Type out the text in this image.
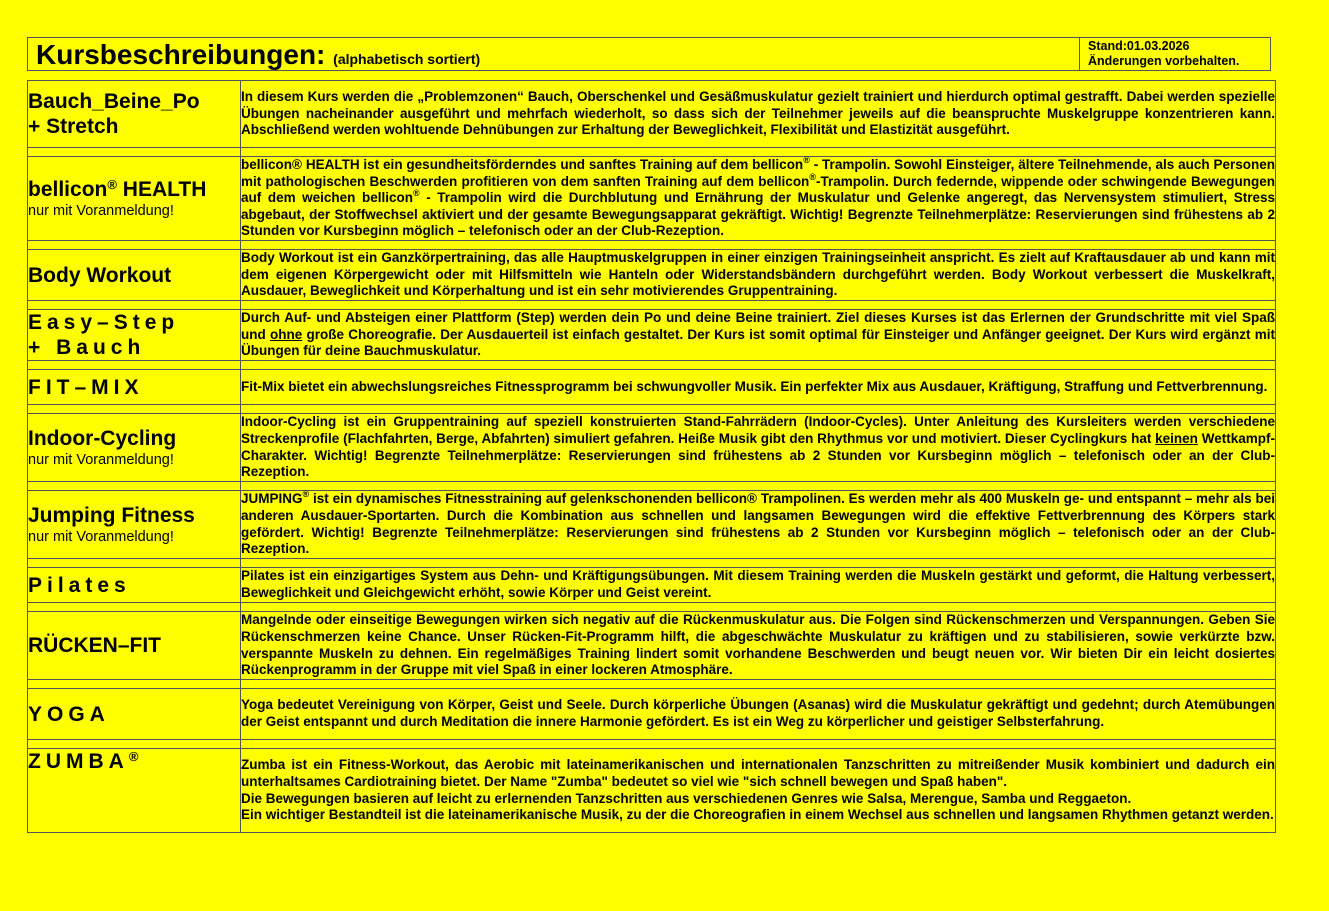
Kursbeschreibungen: (alphabetisch sortiert)
Stand:01.03.2026
Änderungen vorbehalten.
Bauch_Beine_Po
+ Stretch	In diesem Kurs werden die „Problemzonen“ Bauch, Oberschenkel und Gesäßmuskulatur gezielt trainiert und hierdurch optimal gestrafft. Dabei werden spezielle Übungen nacheinander ausgeführt und mehrfach wiederholt, so dass sich der Teilnehmer jeweils auf die beanspruchte Muskelgruppe konzentrieren kann. Abschließend werden wohltuende Dehnübungen zur Erhaltung der Beweglichkeit, Flexibilität und Elastizität ausgeführt.

bellicon® HEALTH
nur mit Voranmeldung!	bellicon® HEALTH ist ein gesundheitsförderndes und sanftes Training auf dem bellicon® - Trampolin. Sowohl Einsteiger, ältere Teilnehmende, als auch Personen mit pathologischen Beschwerden profitieren von dem sanften Training auf dem bellicon®-Trampolin. Durch federnde, wippende oder schwingende Bewegungen auf dem weichen bellicon® - Trampolin wird die Durchblutung und Ernährung der Muskulatur und Gelenke angeregt, das Nervensystem stimuliert, Stress abgebaut, der Stoffwechsel aktiviert und der gesamte Bewegungsapparat gekräftigt. Wichtig! Begrenzte Teilnehmerplätze: Reservierungen sind frühestens ab 2 Stunden vor Kursbeginn möglich – telefonisch oder an der Club-Rezeption.

Body Workout	Body Workout ist ein Ganzkörpertraining, das alle Hauptmuskelgruppen in einer einzigen Trainingseinheit anspricht. Es zielt auf Kraftausdauer ab und kann mit dem eigenen Körpergewicht oder mit Hilfsmitteln wie Hanteln oder Widerstandsbändern durchgeführt werden. Body Workout verbessert die Muskelkraft, Ausdauer, Beweglichkeit und Körperhaltung und ist ein sehr motivierendes Gruppentraining.

Easy–Step
+ Bauch	Durch Auf- und Absteigen einer Plattform (Step) werden dein Po und deine Beine trainiert. Ziel dieses Kurses ist das Erlernen der Grundschritte mit viel Spaß und ohne große Choreografie. Der Ausdauerteil ist einfach gestaltet. Der Kurs ist somit optimal für Einsteiger und Anfänger geeignet. Der Kurs wird ergänzt mit Übungen für deine Bauchmuskulatur.

FIT–MIX	Fit-Mix bietet ein abwechslungsreiches Fitnessprogramm bei schwungvoller Musik. Ein perfekter Mix aus Ausdauer, Kräftigung, Straffung und Fettverbrennung.

Indoor-Cycling
nur mit Voranmeldung!	Indoor-Cycling ist ein Gruppentraining auf speziell konstruierten Stand-Fahrrädern (Indoor-Cycles). Unter Anleitung des Kursleiters werden verschiedene Streckenprofile (Flachfahrten, Berge, Abfahrten) simuliert gefahren. Heiße Musik gibt den Rhythmus vor und motiviert. Dieser Cyclingkurs hat keinen Wettkampf-Charakter. Wichtig! Begrenzte Teilnehmerplätze: Reservierungen sind frühestens ab 2 Stunden vor Kursbeginn möglich – telefonisch oder an der Club-Rezeption.

Jumping Fitness
nur mit Voranmeldung!	JUMPING® ist ein dynamisches Fitnesstraining auf gelenkschonenden bellicon® Trampolinen. Es werden mehr als 400 Muskeln ge- und entspannt – mehr als bei anderen Ausdauer-Sportarten. Durch die Kombination aus schnellen und langsamen Bewegungen wird die effektive Fettverbrennung des Körpers stark gefördert. Wichtig! Begrenzte Teilnehmerplätze: Reservierungen sind frühestens ab 2 Stunden vor Kursbeginn möglich – telefonisch oder an der Club-Rezeption.

Pilates	Pilates ist ein einzigartiges System aus Dehn- und Kräftigungsübungen. Mit diesem Training werden die Muskeln gestärkt und geformt, die Haltung verbessert, Beweglichkeit und Gleichgewicht erhöht, sowie Körper und Geist vereint.

RÜCKEN–FIT	Mangelnde oder einseitige Bewegungen wirken sich negativ auf die Rückenmuskulatur aus. Die Folgen sind Rückenschmerzen und Verspannungen. Geben Sie Rückenschmerzen keine Chance. Unser Rücken-Fit-Programm hilft, die abgeschwächte Muskulatur zu kräftigen und zu stabilisieren, sowie verkürzte bzw. verspannte Muskeln zu dehnen. Ein regelmäßiges Training lindert somit vorhandene Beschwerden und beugt neuen vor. Wir bieten Dir ein leicht dosiertes Rückenprogramm in der Gruppe mit viel Spaß in einer lockeren Atmosphäre.

YOGA	Yoga bedeutet Vereinigung von Körper, Geist und Seele. Durch körperliche Übungen (Asanas) wird die Muskulatur gekräftigt und gedehnt; durch Atemübungen der Geist entspannt und durch Meditation die innere Harmonie gefördert. Es ist ein Weg zu körperlicher und geistiger Selbsterfahrung.

ZUMBA®	Zumba ist ein Fitness-Workout, das Aerobic mit lateinamerikanischen und internationalen Tanzschritten zu mitreißender Musik kombiniert und dadurch ein unterhaltsames Cardiotraining bietet. Der Name "Zumba" bedeutet so viel wie "sich schnell bewegen und Spaß haben".
Die Bewegungen basieren auf leicht zu erlernenden Tanzschritten aus verschiedenen Genres wie Salsa, Merengue, Samba und Reggaeton.
Ein wichtiger Bestandteil ist die lateinamerikanische Musik, zu der die Choreografien in einem Wechsel aus schnellen und langsamen Rhythmen getanzt werden.
